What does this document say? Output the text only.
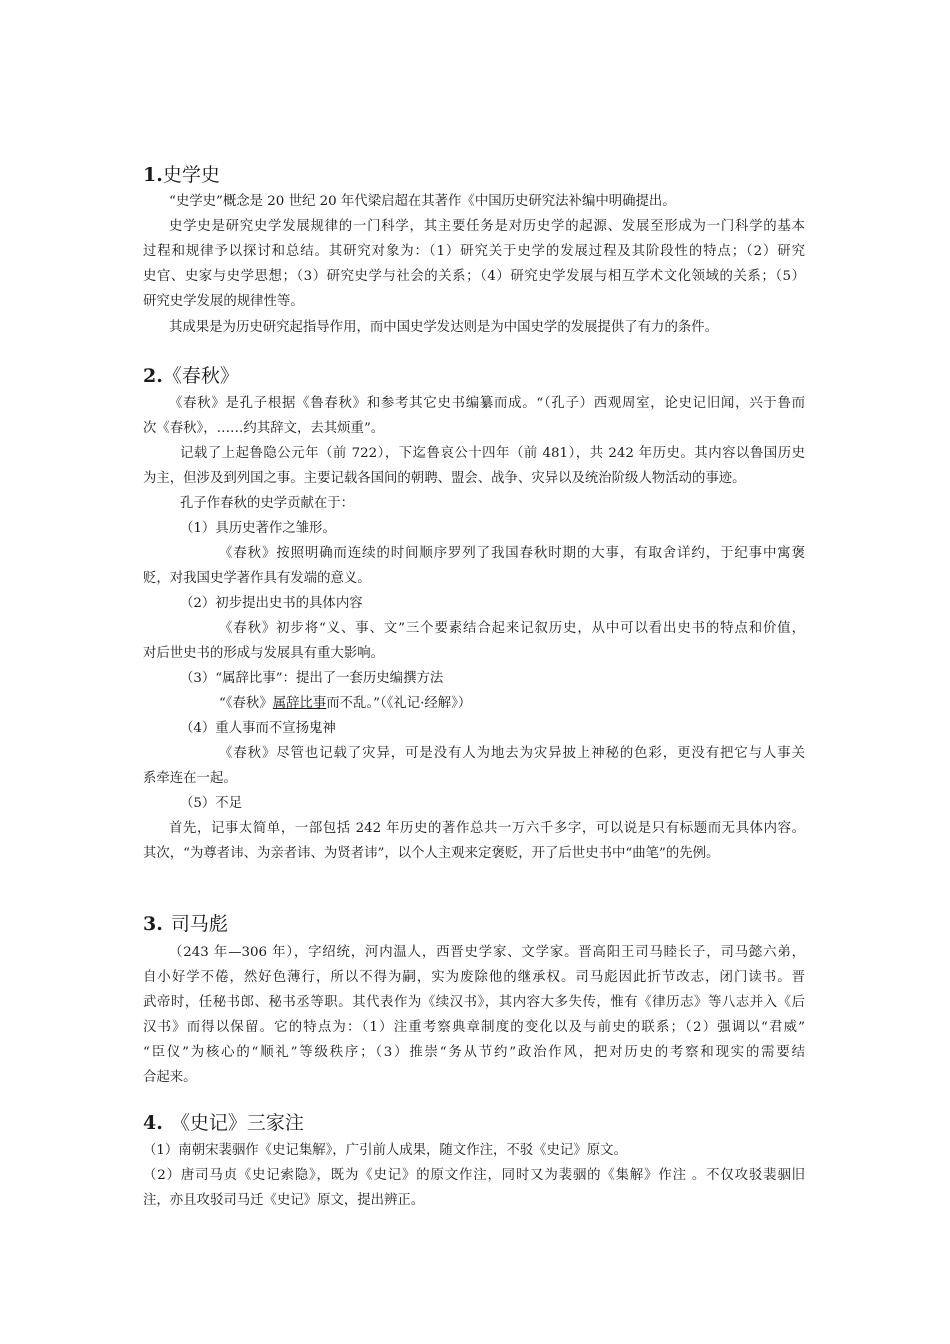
1.史学史
“史学史”概念是 20 世纪 20 年代梁启超在其著作《中国历史研究法补编中明确提出。
史学史是研究史学发展规律的一门科学，其主要任务是对历史学的起源、发展至形成为一门科学的基本
过程和规律予以探讨和总结。其研究对象为：（1）研究关于史学的发展过程及其阶段性的特点；（2）研究
史官、史家与史学思想；（3）研究史学与社会的关系；（4）研究史学发展与相互学术文化领域的关系；（5）
研究史学发展的规律性等。
其成果是为历史研究起指导作用，而中国史学发达则是为中国史学的发展提供了有力的条件。
2.《春秋》
《春秋》是孔子根据《鲁春秋》和参考其它史书编纂而成。“（孔子）西观周室，论史记旧闻，兴于鲁而
次《春秋》，……约其辞文，去其烦重”。
记载了上起鲁隐公元年（前 722），下迄鲁哀公十四年（前 481），共 242 年历史。其内容以鲁国历史
为主，但涉及到列国之事。主要记载各国间的朝聘、盟会、战争、灾异以及统治阶级人物活动的事迹。
孔子作春秋的史学贡献在于：
（1）具历史著作之雏形。
《春秋》按照明确而连续的时间顺序罗列了我国春秋时期的大事，有取舍详约，于纪事中寓褒
贬，对我国史学著作具有发端的意义。
（2）初步提出史书的具体内容
《春秋》初步将“义、事、文”三个要素结合起来记叙历史，从中可以看出史书的特点和价值，
对后世史书的形成与发展具有重大影响。
（3）“属辞比事”：提出了一套历史编撰方法
“《春秋》属辞比事而不乱。”（《礼记·经解》）
（4）重人事而不宣扬鬼神
《春秋》尽管也记载了灾异，可是没有人为地去为灾异披上神秘的色彩，更没有把它与人事关
系牵连在一起。
（5）不足
首先，记事太简单，一部包括 242 年历史的著作总共一万六千多字，可以说是只有标题而无具体内容。
其次，“为尊者讳、为亲者讳、为贤者讳”，以个人主观来定褒贬，开了后世史书中“曲笔”的先例。
3. 司马彪
（243 年—306 年），字绍统，河内温人，西晋史学家、文学家。晋高阳王司马睦长子，司马懿六弟，
自小好学不倦，然好色薄行，所以不得为嗣，实为废除他的继承权。司马彪因此折节改志，闭门读书。晋
武帝时，任秘书郎、秘书丞等职。其代表作为《续汉书》，其内容大多失传，惟有《律历志》等八志并入《后
汉书》而得以保留。它的特点为：（1）注重考察典章制度的变化以及与前史的联系；（2）强调以“君威”
“臣仪”为核心的“顺礼”等级秩序；（3）推崇“务从节约”政治作风，把对历史的考察和现实的需要结
合起来。
4. 《史记》三家注
（1）南朝宋裴骃作《史记集解》，广引前人成果，随文作注，不驳《史记》原文。
（2）唐司马贞《史记索隐》，既为《史记》的原文作注，同时又为裴骃的《集解》作注 。不仅攻驳裴骃旧
注，亦且攻驳司马迁《史记》原文，提出辨正。
